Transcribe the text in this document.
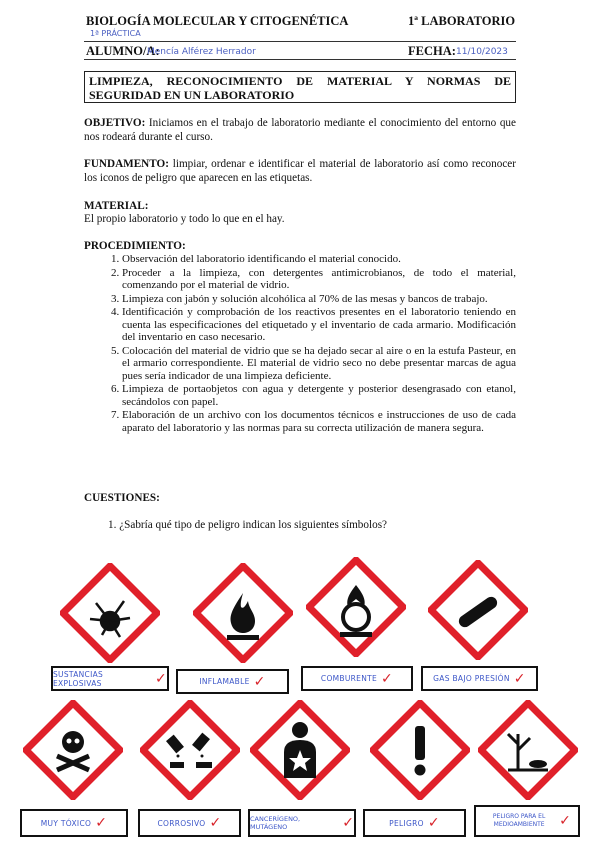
BIOLOGÍA MOLECULAR Y CITOGENÉTICA	1ª LABORATORIO
1ª PRÁCTICA
ALUMNO/A:
Mencía Alférez Herrador	FECHA: 11/10/2023
LIMPIEZA, RECONOCIMIENTO DE MATERIAL Y NORMAS DE SEGURIDAD EN UN LABORATORIO
OBJETIVO: Iniciamos en el trabajo de laboratorio mediante el conocimiento del entorno que nos rodeará durante el curso.
FUNDAMENTO: limpiar, ordenar e identificar el material de laboratorio así como reconocer los iconos de peligro que aparecen en las etiquetas.
MATERIAL:
El propio laboratorio y todo lo que en el hay.
PROCEDIMIENTO:
1. Observación del laboratorio identificando el material conocido.
2. Proceder a la limpieza, con detergentes antimicrobianos, de todo el material, comenzando por el material de vidrio.
3. Limpieza con jabón y solución alcohólica al 70% de las mesas y bancos de trabajo.
4. Identificación y comprobación de los reactivos presentes en el laboratorio teniendo en cuenta las especificaciones del etiquetado y el inventario de cada armario. Modificación del inventario en caso necesario.
5. Colocación del material de vidrio que se ha dejado secar al aire o en la estufa Pasteur, en el armario correspondiente. El material de vidrio seco no debe presentar marcas de agua pues sería indicador de una limpieza deficiente.
6. Limpieza de portaobjetos con agua y detergente y posterior desengrasado con etanol, secándolos con papel.
7. Elaboración de un archivo con los documentos técnicos e instrucciones de uso de cada aparato del laboratorio y las normas para su correcta utilización de manera segura.
CUESTIONES:
1. ¿Sabría qué tipo de peligro indican los siguientes símbolos?
SUSTANCIAS EXPLOSIVAS	✓	INFLAMABLE ✓	COMBURENTE ✓	GAS BAJO PRESIÓN ✓
MUY TÓXICO ✓	CORROSIVO ✓	CANCERÍGENO, MUTÁGENO	✓	PELIGRO ✓	PELIGRO PARA EL MEDIOAMBIENTE	✓
